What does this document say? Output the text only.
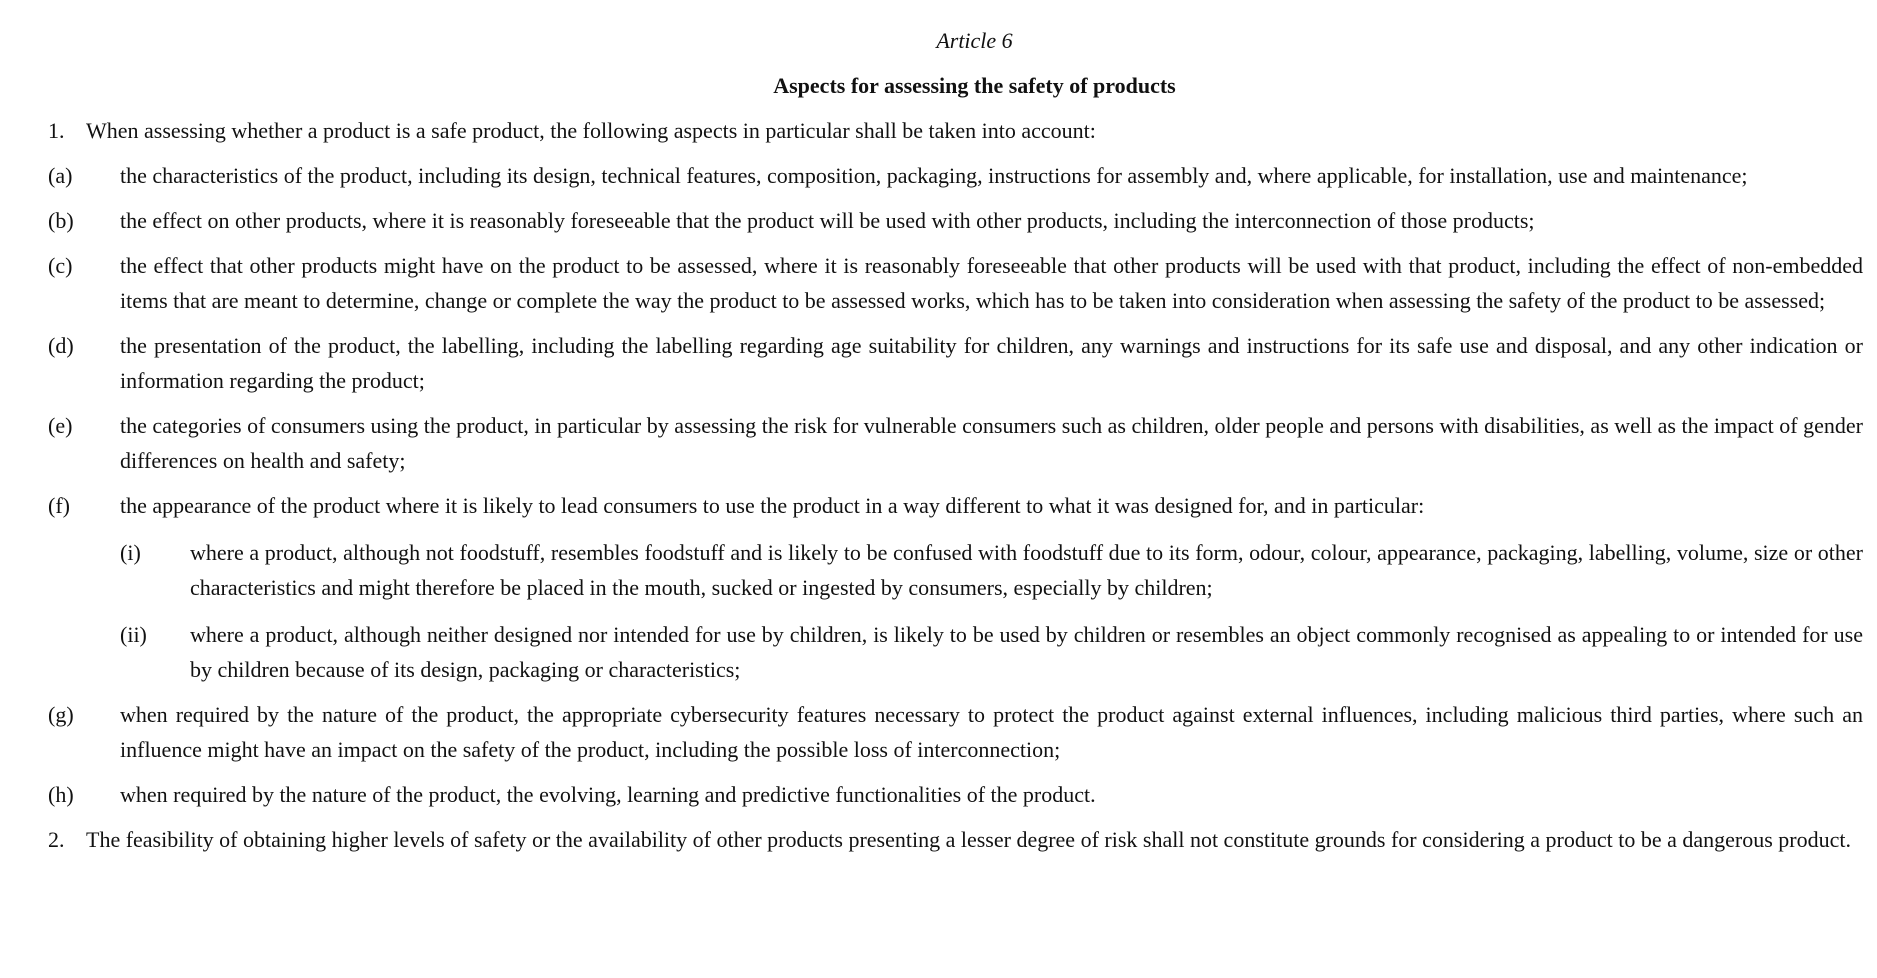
Article 6

Aspects for assessing the safety of products

1. When assessing whether a product is a safe product, the following aspects in particular shall be taken into account:

(a)	the characteristics of the product, including its design, technical features, composition, packaging, instructions for assembly and, where applicable, for installation, use and maintenance;
(b)	the effect on other products, where it is reasonably foreseeable that the product will be used with other products, including the interconnection of those products;
(c)	the effect that other products might have on the product to be assessed, where it is reasonably foreseeable that other products will be used with that product, including the effect of non-embedded items that are meant to determine, change or complete the way the product to be assessed works, which has to be taken into consideration when assessing the safety of the product to be assessed;
(d)	the presentation of the product, the labelling, including the labelling regarding age suitability for children, any warnings and instructions for its safe use and disposal, and any other indication or information regarding the product;
(e)	the categories of consumers using the product, in particular by assessing the risk for vulnerable consumers such as children, older people and persons with disabilities, as well as the impact of gender differences on health and safety;
(f)	the appearance of the product where it is likely to lead consumers to use the product in a way different to what it was designed for, and in particular:
(i)	where a product, although not foodstuff, resembles foodstuff and is likely to be confused with foodstuff due to its form, odour, colour, appearance, packaging, labelling, volume, size or other characteristics and might therefore be placed in the mouth, sucked or ingested by consumers, especially by children;
(ii)	where a product, although neither designed nor intended for use by children, is likely to be used by children or resembles an object commonly recognised as appealing to or intended for use by children because of its design, packaging or characteristics;
(g)	when required by the nature of the product, the appropriate cybersecurity features necessary to protect the product against external influences, including malicious third parties, where such an influence might have an impact on the safety of the product, including the possible loss of interconnection;
(h)	when required by the nature of the product, the evolving, learning and predictive functionalities of the product.

2. The feasibility of obtaining higher levels of safety or the availability of other products presenting a lesser degree of risk shall not constitute grounds for considering a product to be a dangerous product.
